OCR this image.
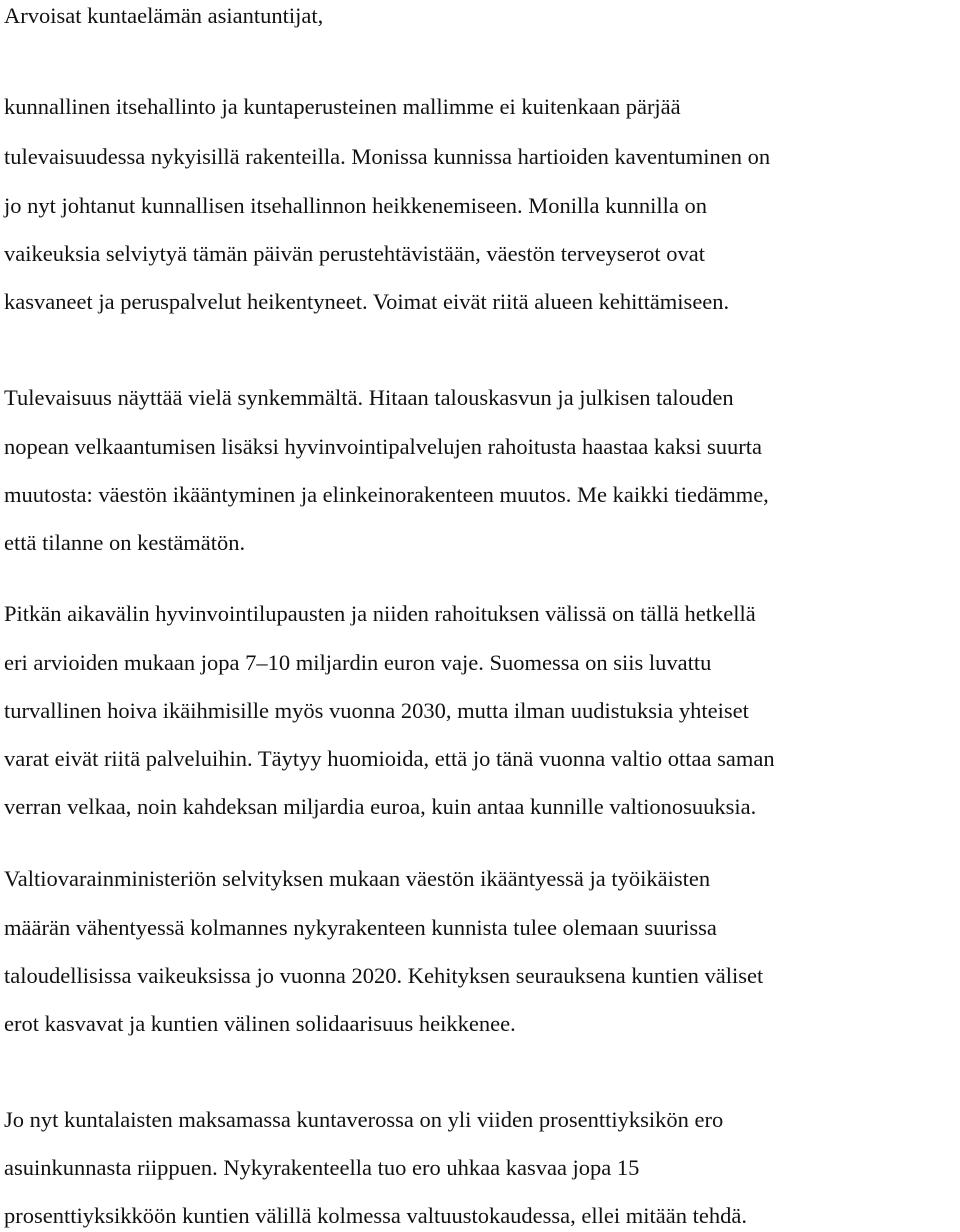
Arvoisat kuntaelämän asiantuntijat,
kunnallinen itsehallinto ja kuntaperusteinen mallimme ei kuitenkaan pärjää
tulevaisuudessa nykyisillä rakenteilla. Monissa kunnissa hartioiden kaventuminen on
jo nyt johtanut kunnallisen itsehallinnon heikkenemiseen. Monilla kunnilla on
vaikeuksia selviytyä tämän päivän perustehtävistään, väestön terveyserot ovat
kasvaneet ja peruspalvelut heikentyneet. Voimat eivät riitä alueen kehittämiseen.
Tulevaisuus näyttää vielä synkemmältä. Hitaan talouskasvun ja julkisen talouden
nopean velkaantumisen lisäksi hyvinvointipalvelujen rahoitusta haastaa kaksi suurta
muutosta: väestön ikääntyminen ja elinkeinorakenteen muutos. Me kaikki tiedämme,
että tilanne on kestämätön.
Pitkän aikavälin hyvinvointilupausten ja niiden rahoituksen välissä on tällä hetkellä
eri arvioiden mukaan jopa 7–10 miljardin euron vaje. Suomessa on siis luvattu
turvallinen hoiva ikäihmisille myös vuonna 2030, mutta ilman uudistuksia yhteiset
varat eivät riitä palveluihin. Täytyy huomioida, että jo tänä vuonna valtio ottaa saman
verran velkaa, noin kahdeksan miljardia euroa, kuin antaa kunnille valtionosuuksia.
Valtiovarainministeriön selvityksen mukaan väestön ikääntyessä ja työikäisten
määrän vähentyessä kolmannes nykyrakenteen kunnista tulee olemaan suurissa
taloudellisissa vaikeuksissa jo vuonna 2020. Kehityksen seurauksena kuntien väliset
erot kasvavat ja kuntien välinen solidaarisuus heikkenee.
Jo nyt kuntalaisten maksamassa kuntaverossa on yli viiden prosenttiyksikön ero
asuinkunnasta riippuen. Nykyrakenteella tuo ero uhkaa kasvaa jopa 15
prosenttiyksikköön kuntien välillä kolmessa valtuustokaudessa, ellei mitään tehdä.
